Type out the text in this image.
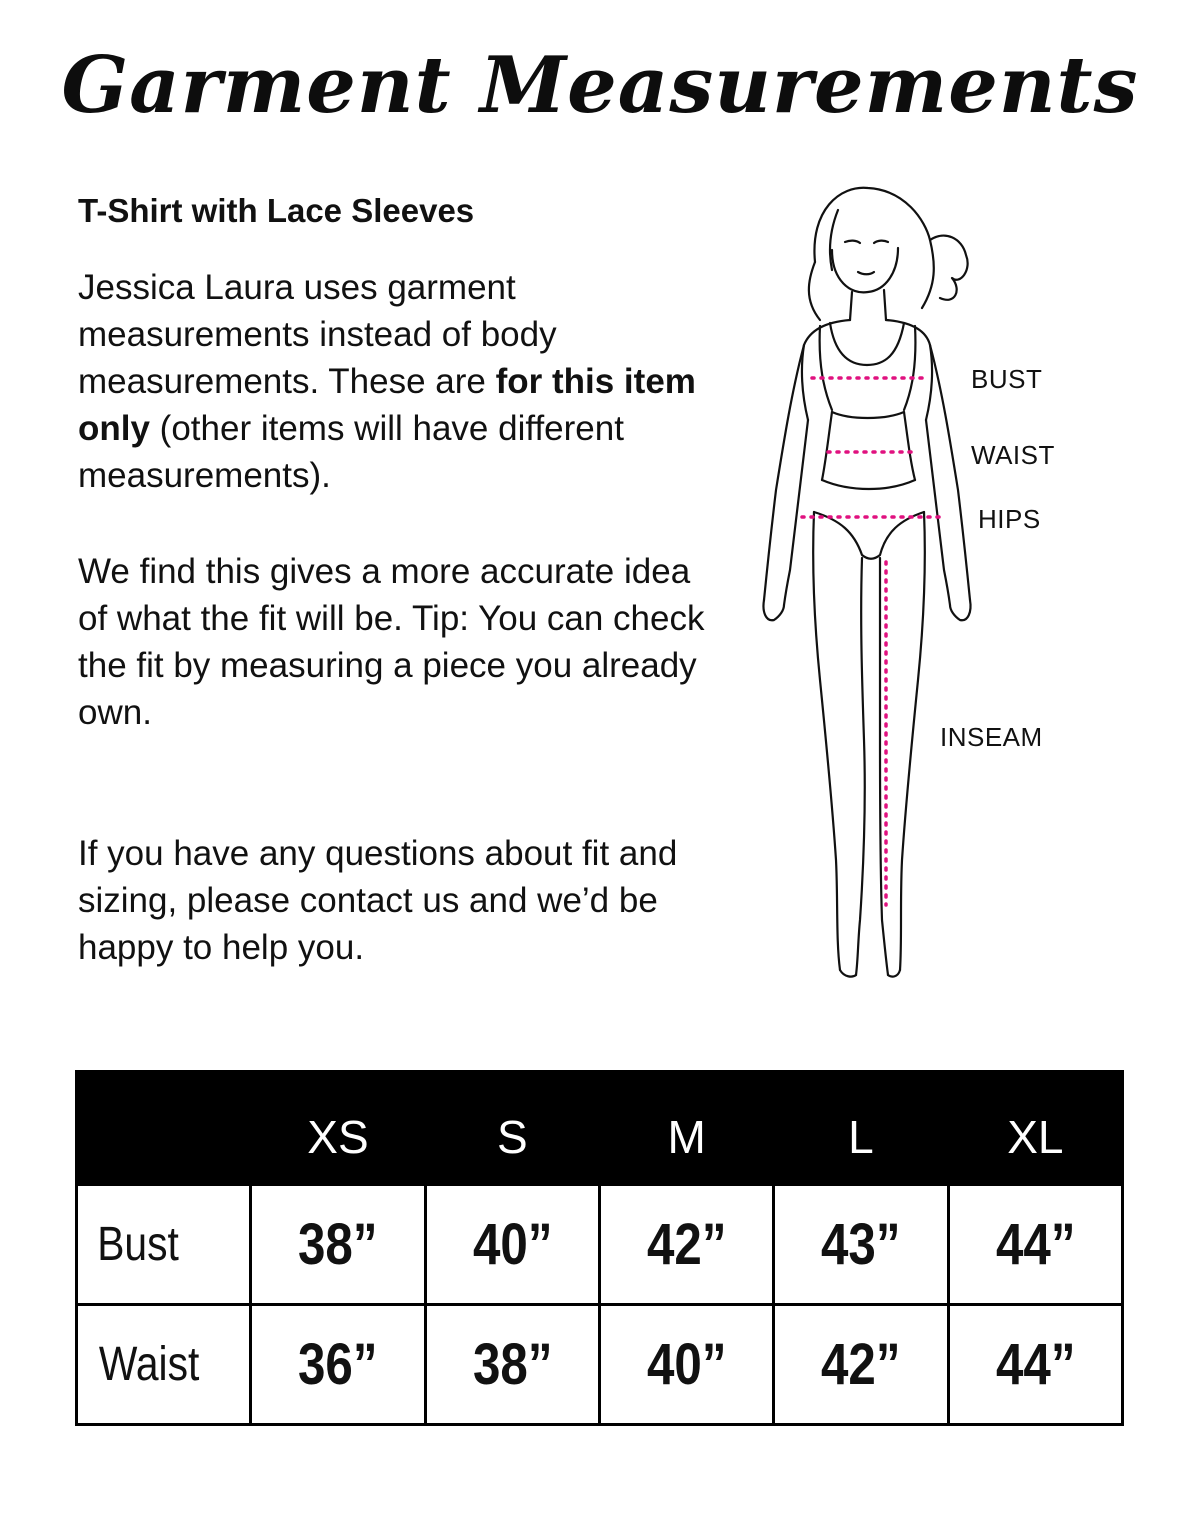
Garment Measurements
T-Shirt with Lace Sleeves

Jessica Laura uses garment measurements instead of body measurements. These are for this item only (other items will have different measurements).

We find this gives a more accurate idea of what the fit will be. Tip: You can check the fit by measuring a piece you already own.

If you have any questions about fit and sizing, please contact us and we’d be happy to help you.

BUST
WAIST
HIPS
INSEAM
	XS	S	M	L	XL
Bust	38”	40”	42”	43”	44”
Waist	36”	38”	40”	42”	44”
